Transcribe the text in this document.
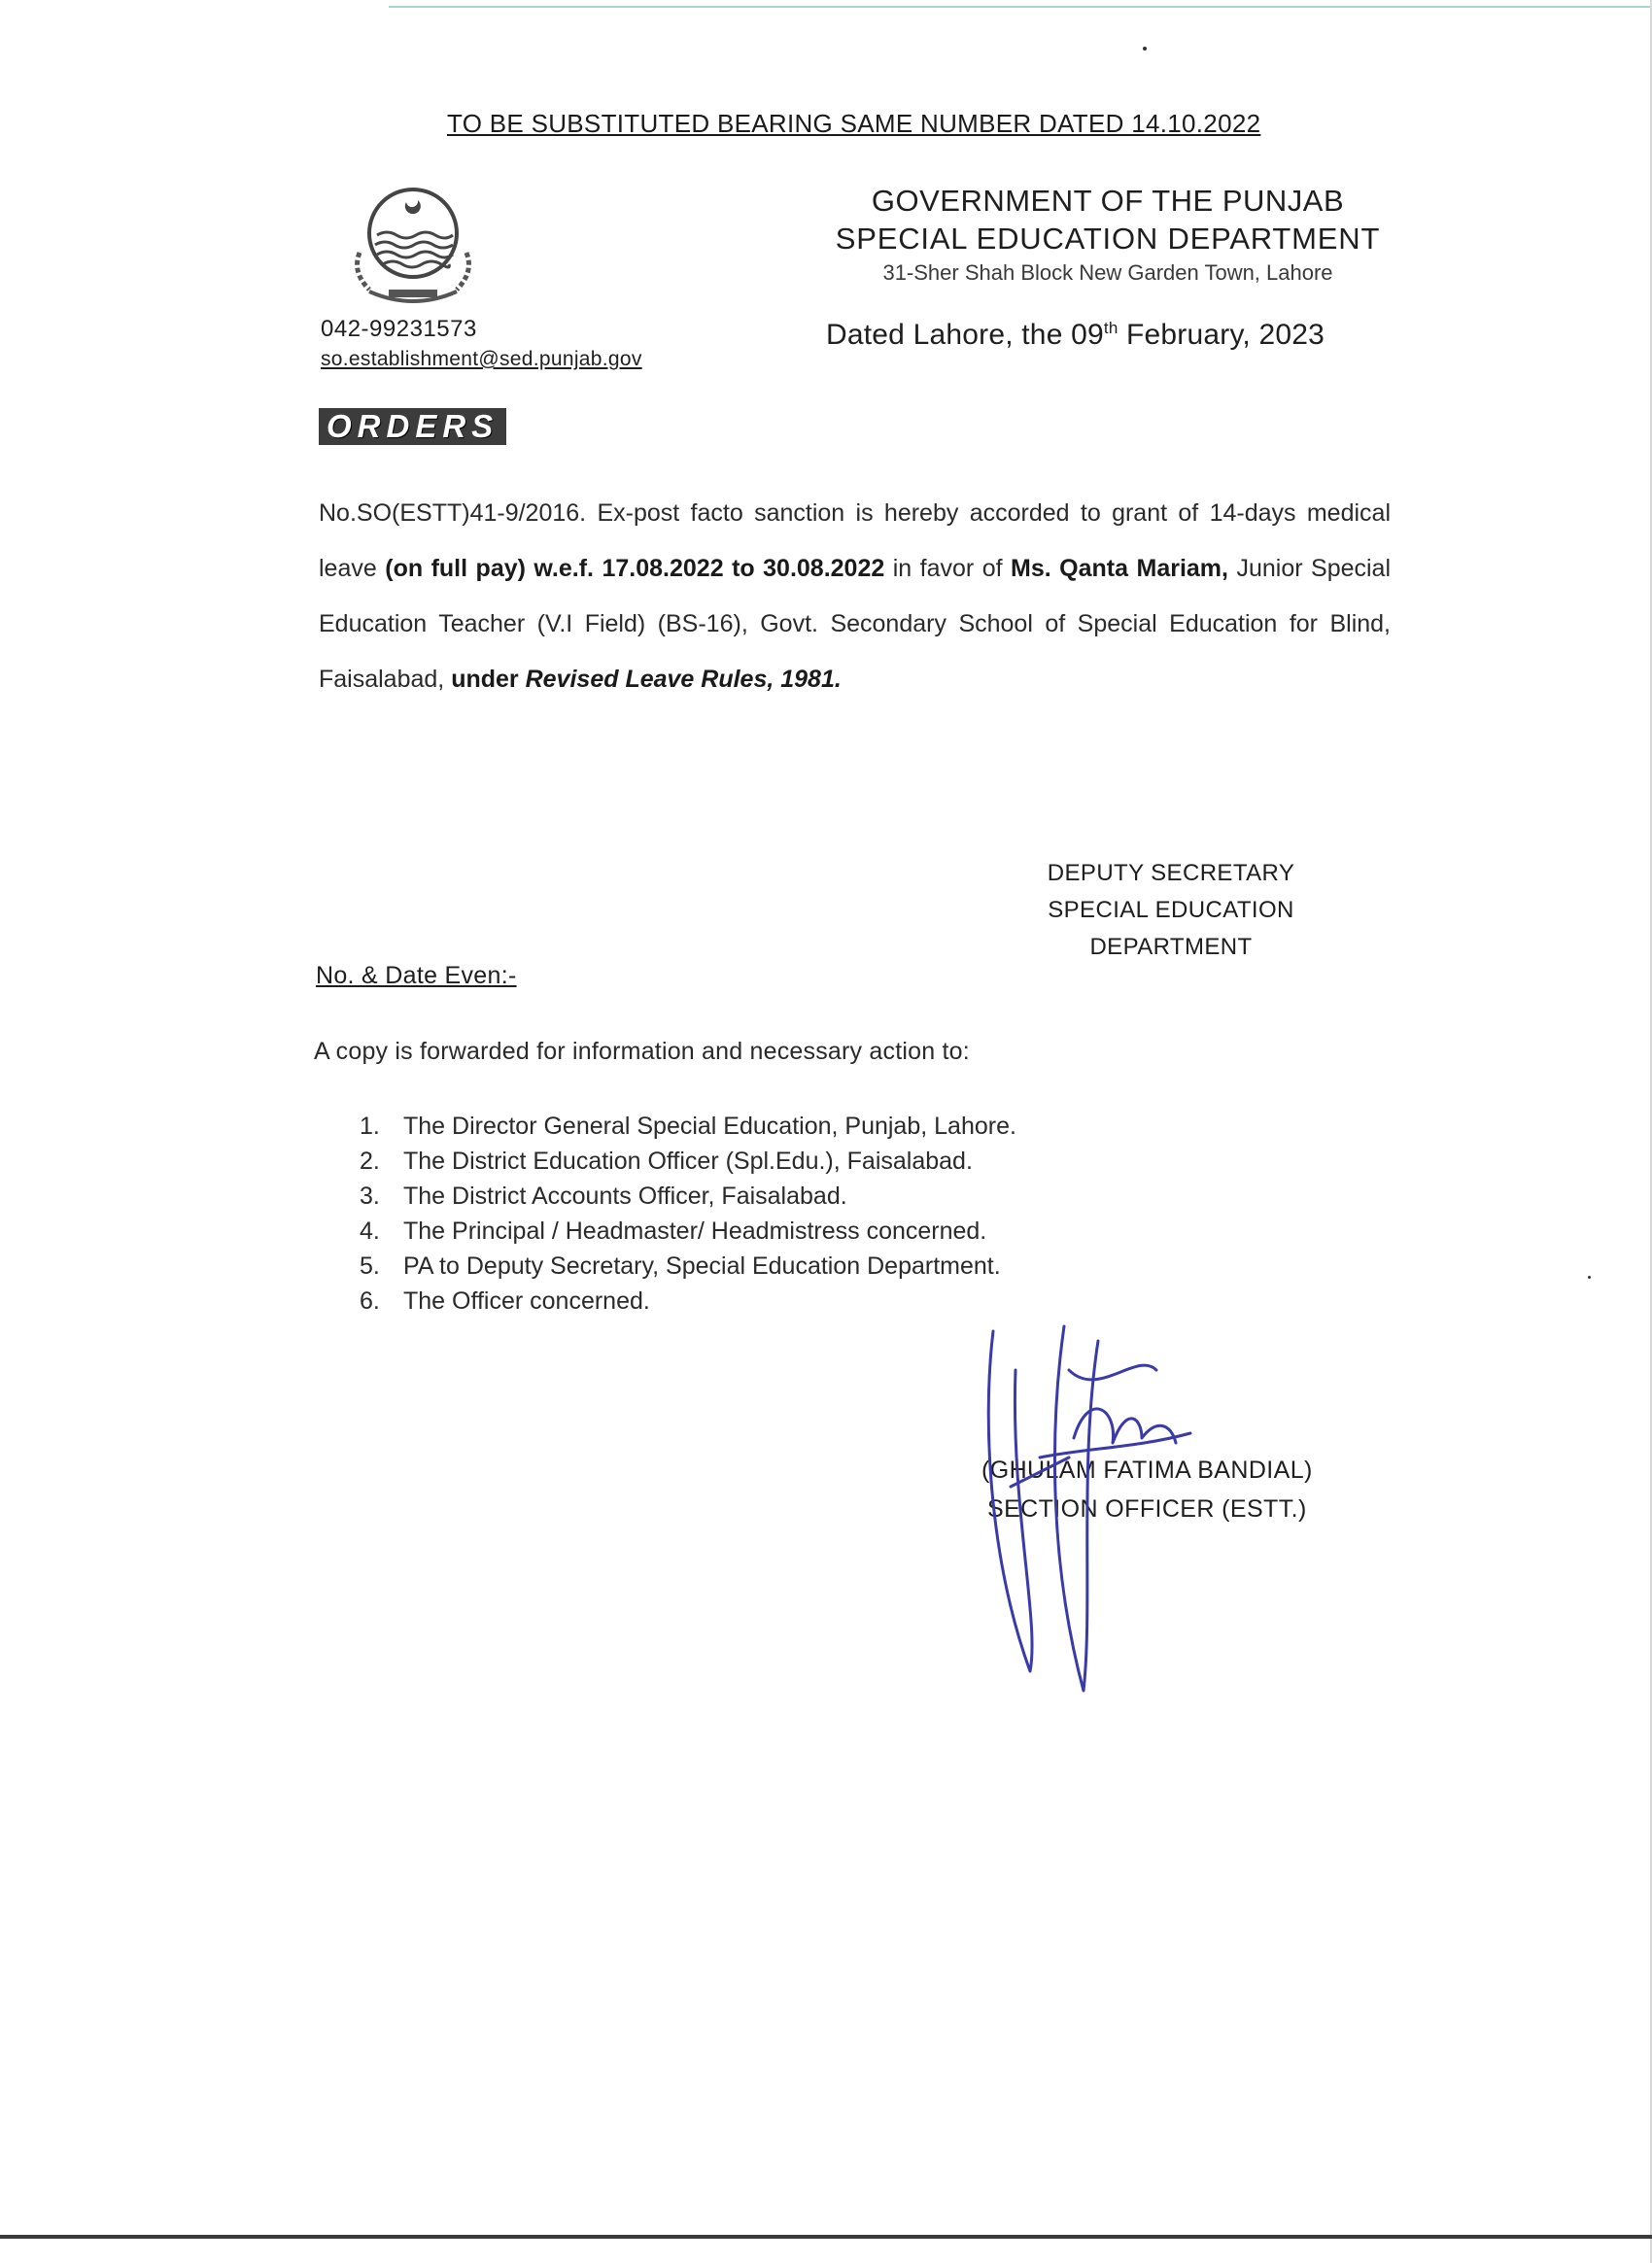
TO BE SUBSTITUTED BEARING SAME NUMBER DATED 14.10.2022
GOVERNMENT OF THE PUNJAB
SPECIAL EDUCATION DEPARTMENT
31-Sher Shah Block New Garden Town, Lahore
042-99231573
so.establishment@sed.punjab.gov
Dated Lahore, the 09th February, 2023
ORDERS
No.SO(ESTT)41-9/2016. Ex-post facto sanction is hereby accorded to grant of 14-days medical leave (on full pay) w.e.f. 17.08.2022 to 30.08.2022 in favor of Ms. Qanta Mariam, Junior Special Education Teacher (V.I Field) (BS-16), Govt. Secondary School of Special Education for Blind, Faisalabad, under Revised Leave Rules, 1981.
DEPUTY SECRETARY
SPECIAL EDUCATION
DEPARTMENT
No. & Date Even:-
A copy is forwarded for information and necessary action to:
1. The Director General Special Education, Punjab, Lahore.
2. The District Education Officer (Spl.Edu.), Faisalabad.
3. The District Accounts Officer, Faisalabad.
4. The Principal / Headmaster/ Headmistress concerned.
5. PA to Deputy Secretary, Special Education Department.
6. The Officer concerned.
(GHULAM FATIMA BANDIAL)
SECTION OFFICER (ESTT.)
